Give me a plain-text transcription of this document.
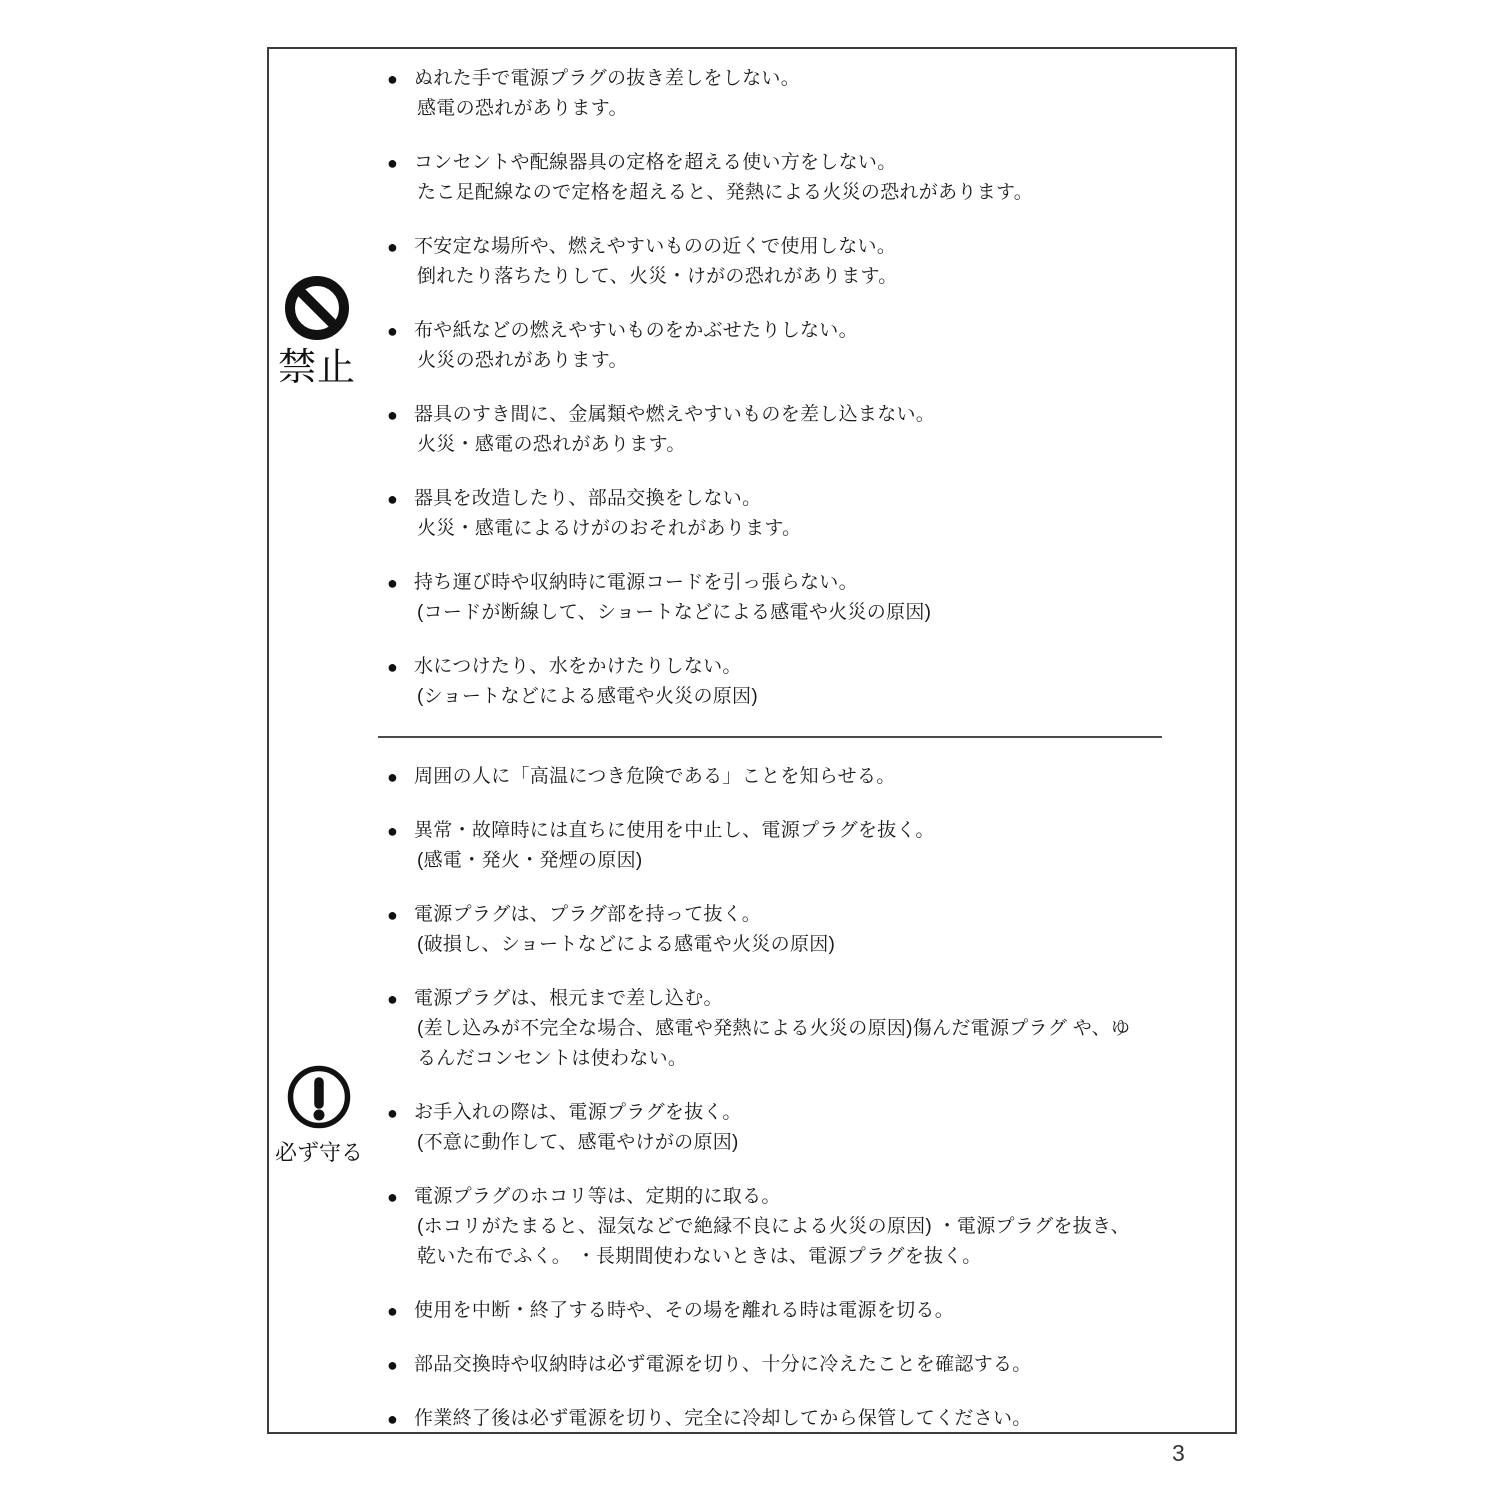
禁止
必ず守る
● ぬれた手で電源プラグの抜き差しをしない。
感電の恐れがあります。
● コンセントや配線器具の定格を超える使い方をしない。
たこ足配線なので定格を超えると、発熱による火災の恐れがあります。
● 不安定な場所や、燃えやすいものの近くで使用しない。
倒れたり落ちたりして、火災・けがの恐れがあります。
● 布や紙などの燃えやすいものをかぶせたりしない。
火災の恐れがあります。
● 器具のすき間に、金属類や燃えやすいものを差し込まない。
火災・感電の恐れがあります。
● 器具を改造したり、部品交換をしない。
火災・感電によるけがのおそれがあります。
● 持ち運び時や収納時に電源コードを引っ張らない。
(コードが断線して、ショートなどによる感電や火災の原因)
● 水につけたり、水をかけたりしない。
(ショートなどによる感電や火災の原因)
● 周囲の人に「高温につき危険である」ことを知らせる。
● 異常・故障時には直ちに使用を中止し、電源プラグを抜く。
(感電・発火・発煙の原因)
● 電源プラグは、プラグ部を持って抜く。
(破損し、ショートなどによる感電や火災の原因)
● 電源プラグは、根元まで差し込む。
(差し込みが不完全な場合、感電や発熱による火災の原因)傷んだ電源プラグ や、ゆるんだコンセントは使わない。
● お手入れの際は、電源プラグを抜く。
(不意に動作して、感電やけがの原因)
● 電源プラグのホコリ等は、定期的に取る。
(ホコリがたまると、湿気などで絶縁不良による火災の原因) ・電源プラグを抜き、乾いた布でふく。 ・長期間使わないときは、電源プラグを抜く。
● 使用を中断・終了する時や、その場を離れる時は電源を切る。
● 部品交換時や収納時は必ず電源を切り、十分に冷えたことを確認する。
● 作業終了後は必ず電源を切り、完全に冷却してから保管してください。
3
